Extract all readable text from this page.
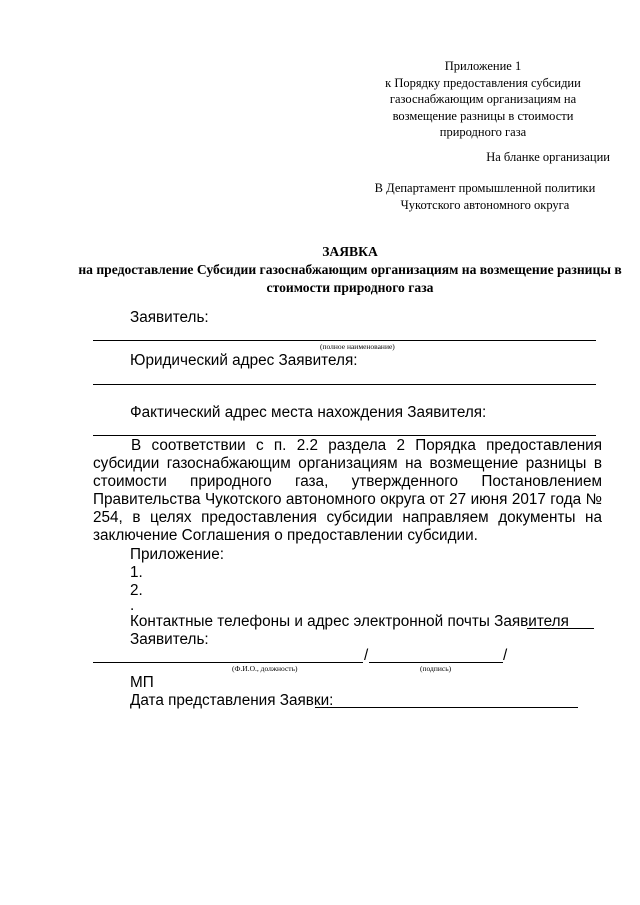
Приложение 1
к Порядку предоставления субсидии
газоснабжающим организациям на
возмещение разницы в стоимости
природного газа
На бланке организации
В Департамент промышленной политики
Чукотского автономного округа
ЗАЯВКА
на предоставление Субсидии газоснабжающим организациям на возмещение разницы в стоимости природного газа
Заявитель:
(полное наименование)
Юридический адрес Заявителя:
Фактический адрес места нахождения Заявителя:
В соответствии с п. 2.2 раздела 2 Порядка предоставления субсидии газоснабжающим организациям на возмещение разницы в стоимости природного газа, утвержденного Постановлением Правительства Чукотского автономного округа от 27 июня 2017 года № 254, в целях предоставления субсидии направляем документы на заключение Соглашения о предоставлении субсидии.
Приложение:
1.
2.
.
Контактные телефоны и адрес электронной почты Заявителя
Заявитель:
/	/
(Ф.И.О., должность)	(подпись)
МП
Дата представления Заявки:
